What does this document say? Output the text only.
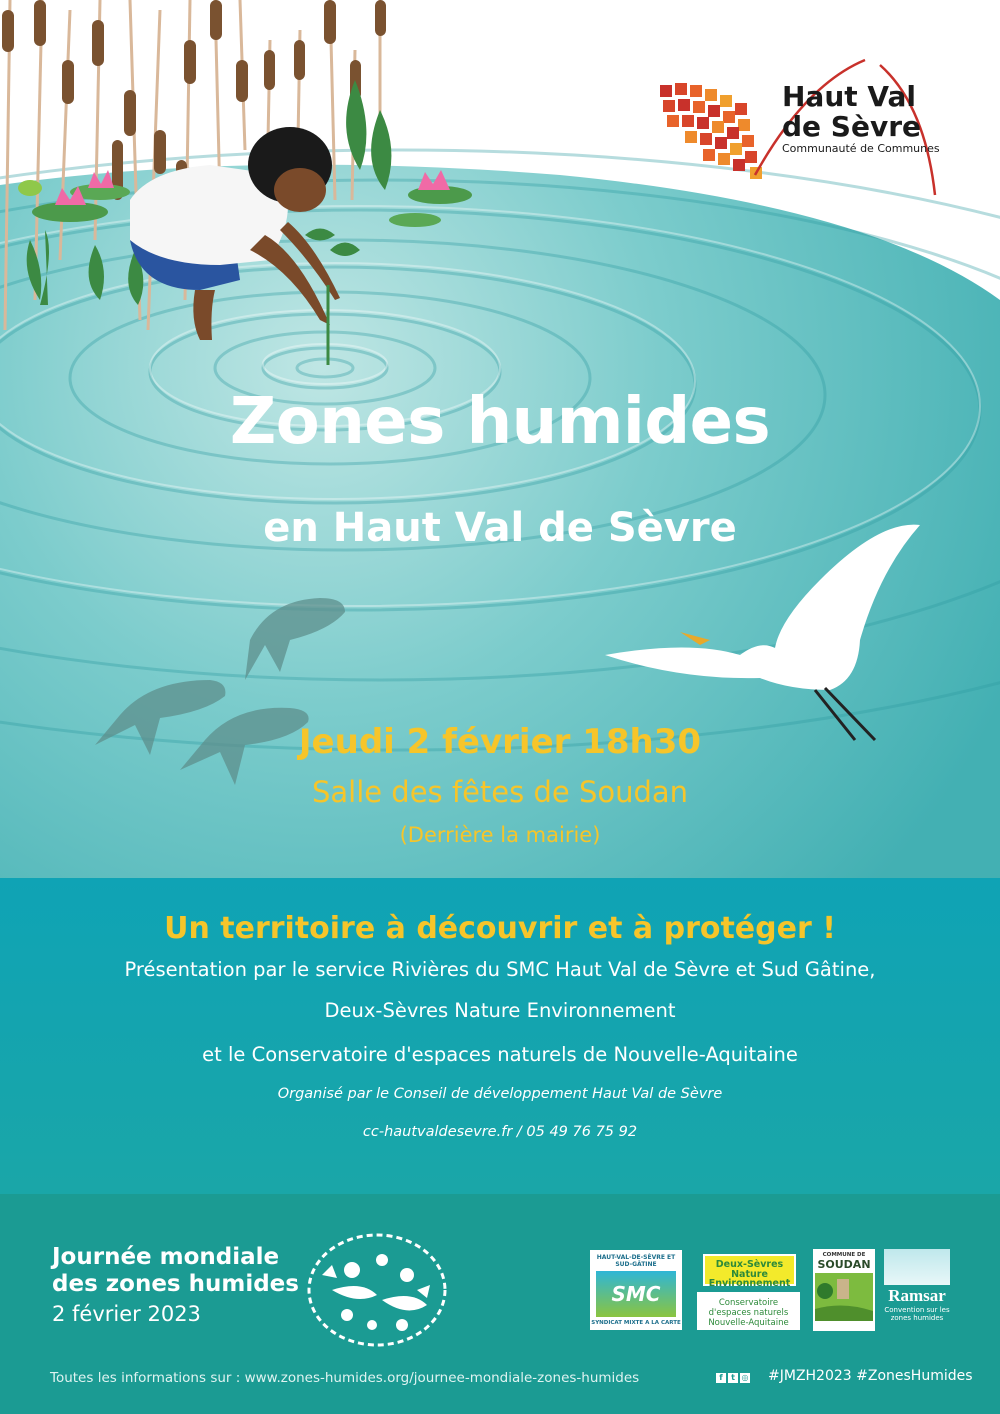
Haut Val
de Sèvre
Communauté de Communes
Zones humides
en Haut Val de Sèvre
Jeudi 2 février 18h30
Salle des fêtes de Soudan
(Derrière la mairie)
Un territoire à découvrir et à protéger !
Présentation par le service Rivières du SMC Haut Val de Sèvre et Sud Gâtine,
Deux-Sèvres Nature Environnement
et le Conservatoire d'espaces naturels de Nouvelle-Aquitaine
Organisé par le Conseil de développement Haut Val de Sèvre
cc-hautvaldesevre.fr / 05 49 76 75 92
Journée mondiale
des zones humides
2 février 2023
HAUT-VAL-DE-SÈVRE ET SUD-GÂTINE
SMC
SYNDICAT MIXTE A LA CARTE
Deux-Sèvres Nature Environnement
Conservatoire d'espaces naturels Nouvelle-Aquitaine
COMMUNE DE
SOUDAN
Ramsar
Convention sur les zones humides
Toutes les informations sur : www.zones-humides.org/journee-mondiale-zones-humides	f t ◎ #JMZH2023 #ZonesHumides
